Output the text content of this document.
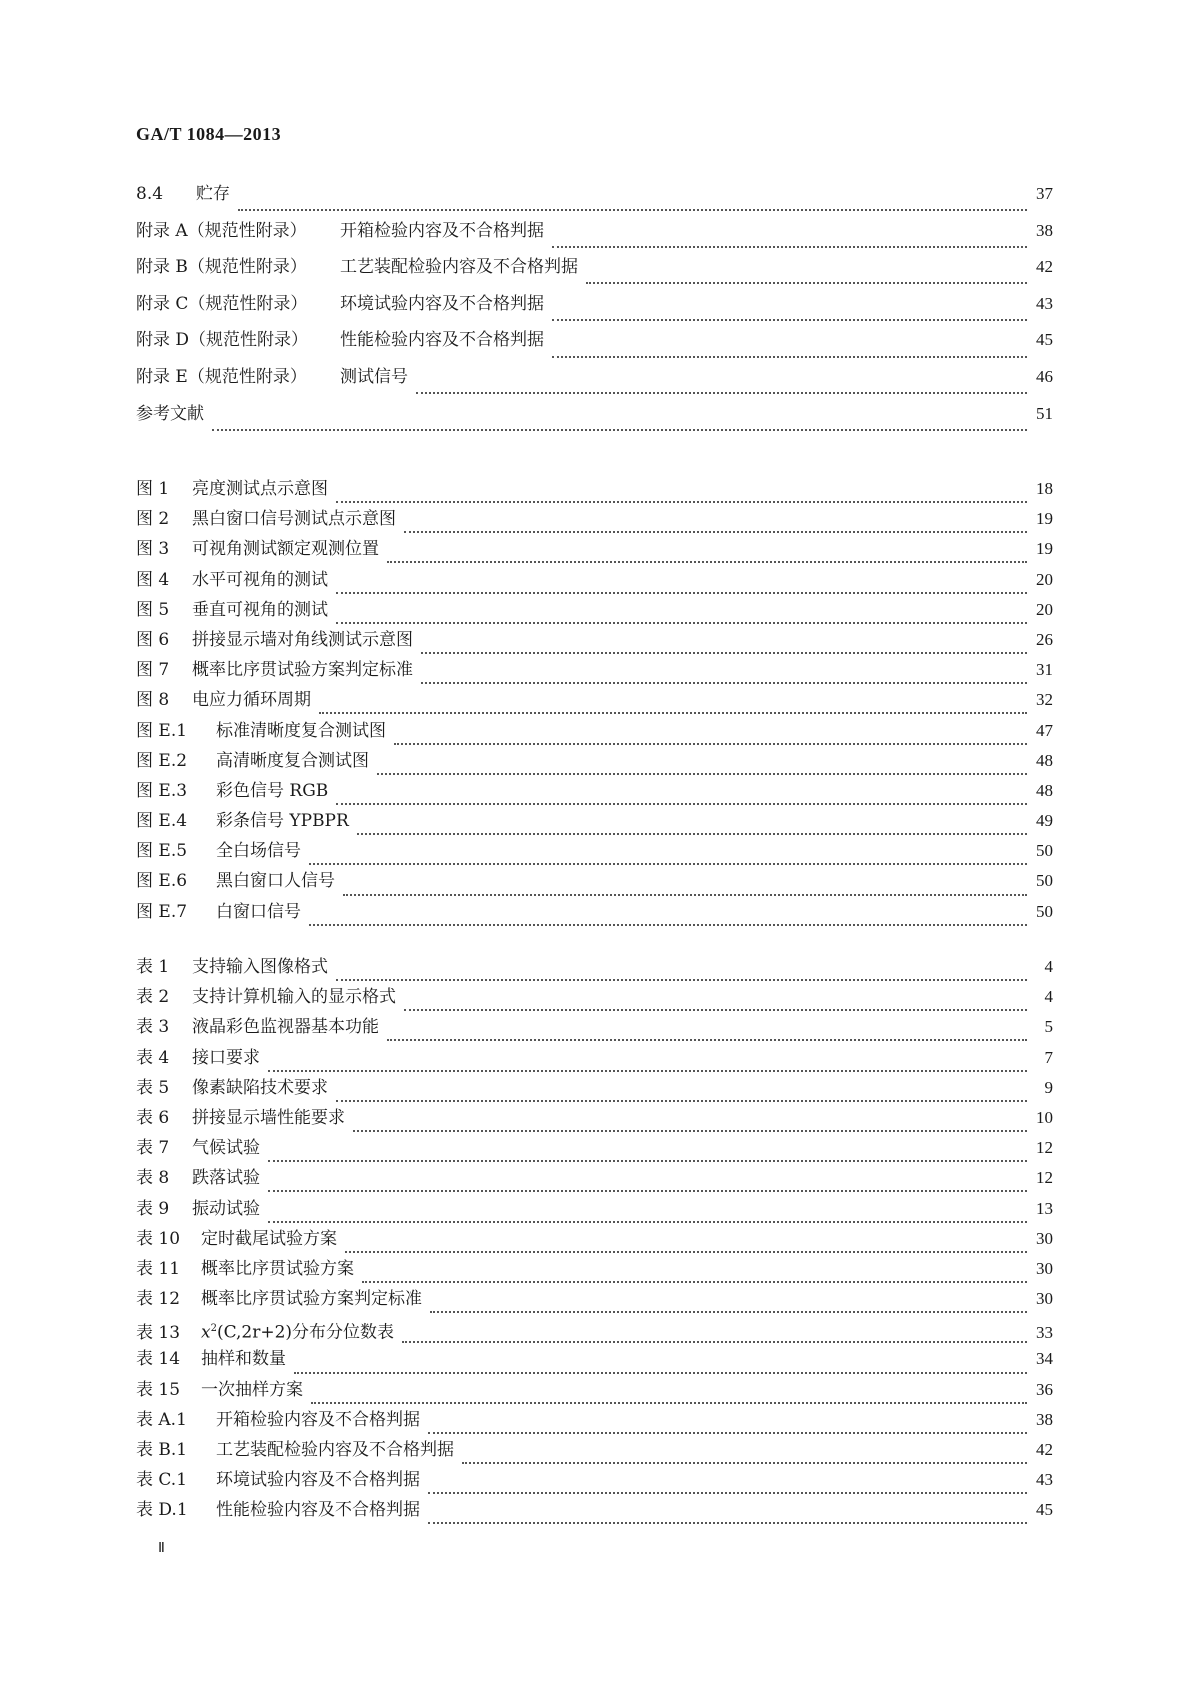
GA/T 1084—2013
8.4	贮存	37
附录 A（规范性附录）	开箱检验内容及不合格判据	38
附录 B（规范性附录）	工艺装配检验内容及不合格判据	42
附录 C（规范性附录）	环境试验内容及不合格判据	43
附录 D（规范性附录）	性能检验内容及不合格判据	45
附录 E（规范性附录）	测试信号	46
参考文献	51
图 1	亮度测试点示意图	18
图 2	黑白窗口信号测试点示意图	19
图 3	可视角测试额定观测位置	19
图 4	水平可视角的测试	20
图 5	垂直可视角的测试	20
图 6	拼接显示墙对角线测试示意图	26
图 7	概率比序贯试验方案判定标准	31
图 8	电应力循环周期	32
图 E.1	标准清晰度复合测试图	47
图 E.2	高清晰度复合测试图	48
图 E.3	彩色信号 RGB	48
图 E.4	彩条信号 YPBPR	49
图 E.5	全白场信号	50
图 E.6	黑白窗口人信号	50
图 E.7	白窗口信号	50
表 1	支持输入图像格式	4
表 2	支持计算机输入的显示格式	4
表 3	液晶彩色监视器基本功能	5
表 4	接口要求	7
表 5	像素缺陷技术要求	9
表 6	拼接显示墙性能要求	10
表 7	气候试验	12
表 8	跌落试验	12
表 9	振动试验	13
表 10	定时截尾试验方案	30
表 11	概率比序贯试验方案	30
表 12	概率比序贯试验方案判定标准	30
表 13	$x^2(C,2r+2)$分布分位数表	33
表 14	抽样和数量	34
表 15	一次抽样方案	36
表 A.1	开箱检验内容及不合格判据	38
表 B.1	工艺装配检验内容及不合格判据	42
表 C.1	环境试验内容及不合格判据	43
表 D.1	性能检验内容及不合格判据	45
Ⅱ
